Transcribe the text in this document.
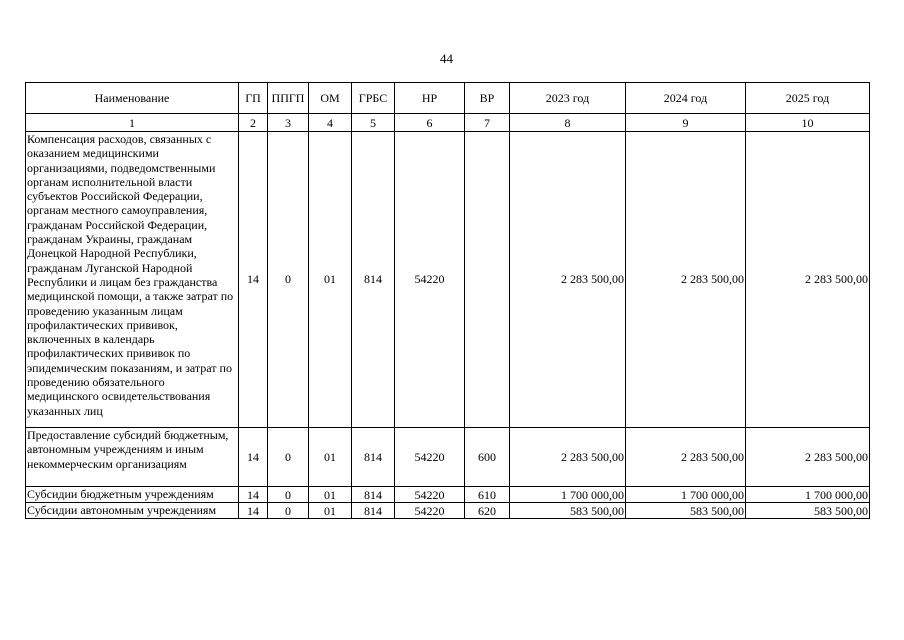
44
Наименование	ГП	ППГП	ОМ	ГРБС	НР	ВР	2023 год	2024 год	2025 год
1	2	3	4	5	6	7	8	9	10
Компенсация расходов, связанных с оказанием медицинскими организациями, подведомственными органам исполнительной власти субъектов Российской Федерации, органам местного самоуправления, гражданам Российской Федерации, гражданам Украины, гражданам Донецкой Народной Республики, гражданам Луганской Народной Республики и лицам без гражданства медицинской помощи, а также затрат по проведению указанным лицам профилактических прививок, включенных в календарь профилактических прививок по эпидемическим показаниям, и затрат по проведению обязательного медицинского освидетельствования указанных лиц	14	0	01	814	54220		2 283 500,00	2 283 500,00	2 283 500,00
Предоставление субсидий бюджетным, автономным учреждениям и иным некоммерческим организациям	14	0	01	814	54220	600	2 283 500,00	2 283 500,00	2 283 500,00
Субсидии бюджетным учреждениям	14	0	01	814	54220	610	1 700 000,00	1 700 000,00	1 700 000,00
Субсидии автономным учреждениям	14	0	01	814	54220	620	583 500,00	583 500,00	583 500,00
